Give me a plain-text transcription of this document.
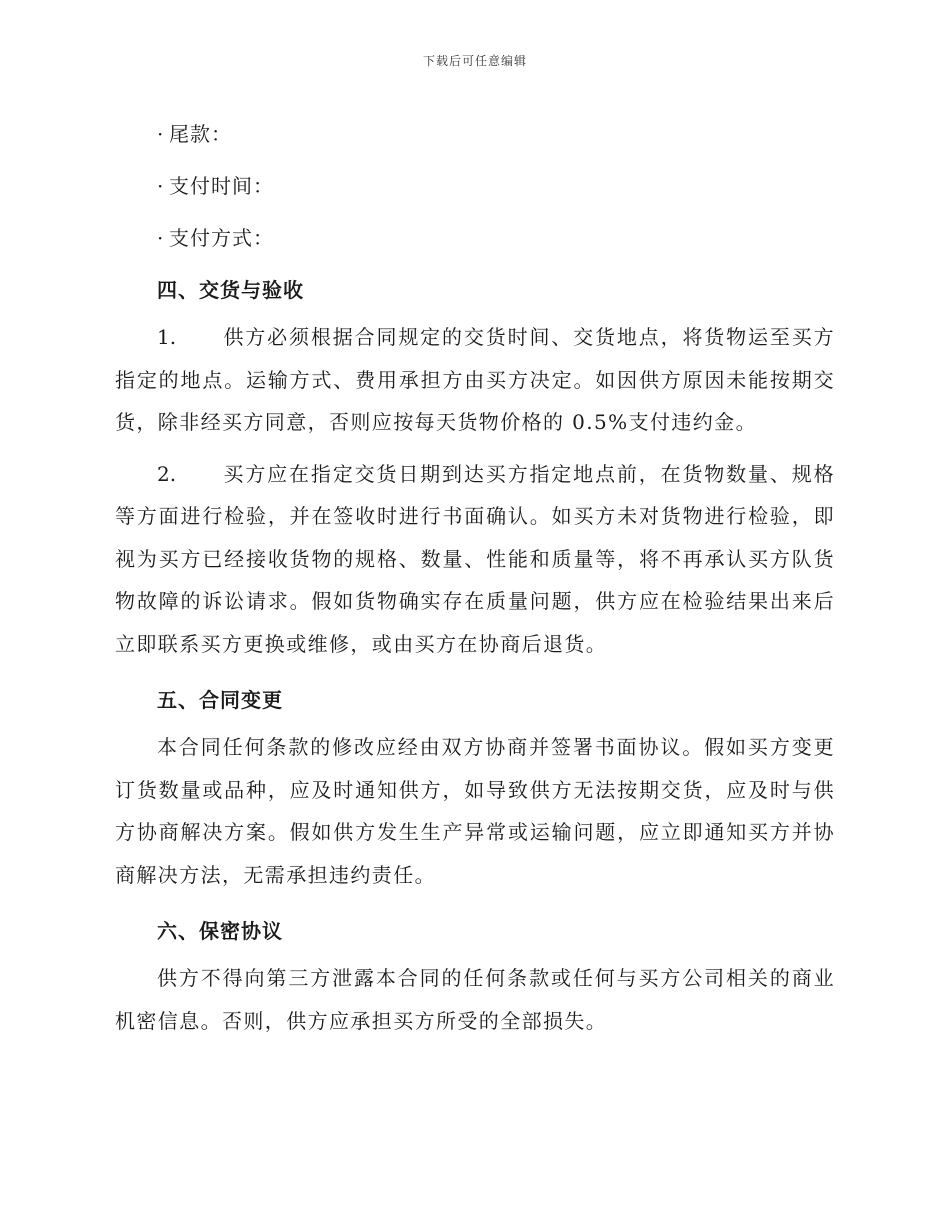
下载后可任意编辑
· 尾款：
· 支付时间：
· 支付方式：
四、交货与验收
1. 供方必须根据合同规定的交货时间、交货地点，将货物运至买方
指定的地点。运输方式、费用承担方由买方决定。如因供方原因未能按期交
货，除非经买方同意，否则应按每天货物价格的 0.5%支付违约金。
2. 买方应在指定交货日期到达买方指定地点前，在货物数量、规格
等方面进行检验，并在签收时进行书面确认。如买方未对货物进行检验，即
视为买方已经接收货物的规格、数量、性能和质量等，将不再承认买方队货
物故障的诉讼请求。假如货物确实存在质量问题，供方应在检验结果出来后
立即联系买方更换或维修，或由买方在协商后退货。
五、合同变更
本合同任何条款的修改应经由双方协商并签署书面协议。假如买方变更
订货数量或品种，应及时通知供方，如导致供方无法按期交货，应及时与供
方协商解决方案。假如供方发生生产异常或运输问题，应立即通知买方并协
商解决方法，无需承担违约责任。
六、保密协议
供方不得向第三方泄露本合同的任何条款或任何与买方公司相关的商业
机密信息。否则，供方应承担买方所受的全部损失。
